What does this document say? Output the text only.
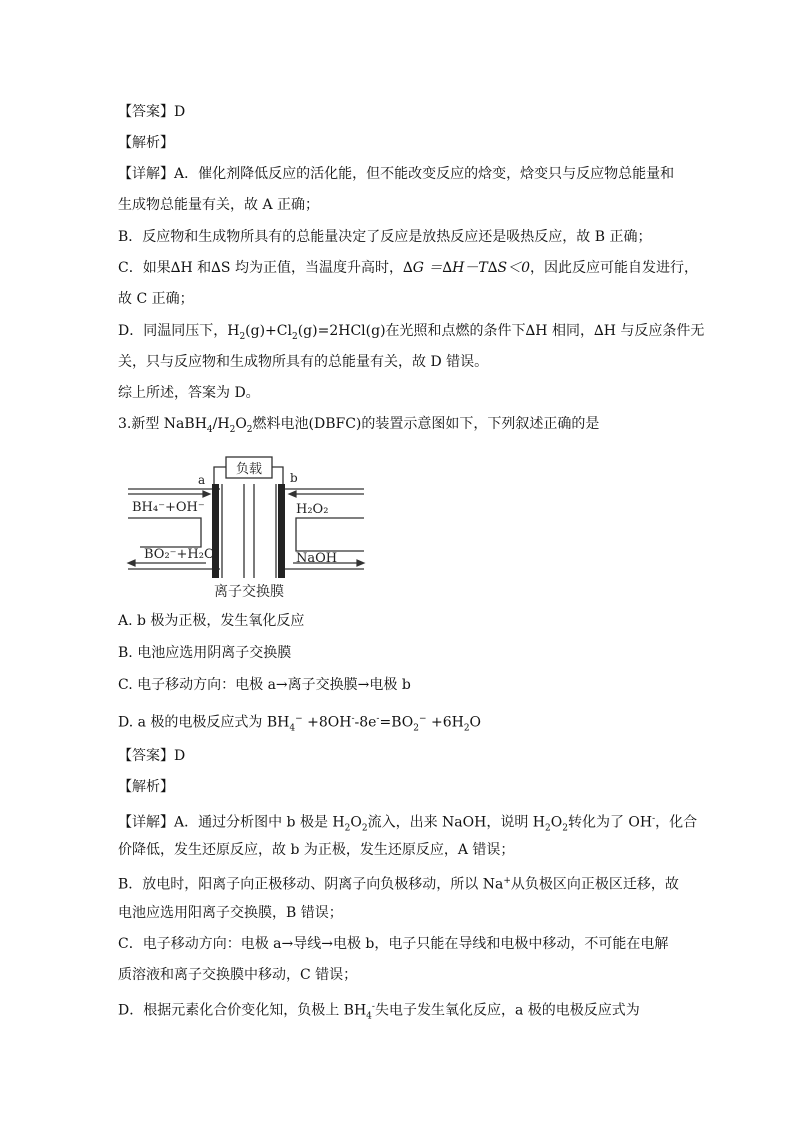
【答案】D
【解析】
【详解】A．催化剂降低反应的活化能，但不能改变反应的焓变，焓变只与反应物总能量和
生成物总能量有关，故 A 正确；
B．反应物和生成物所具有的总能量决定了反应是放热反应还是吸热反应，故 B 正确；
C．如果∆H 和∆S 均为正值，当温度升高时，∆G ＝∆H－T∆S＜0，因此反应可能自发进行，
故 C 正确；
D．同温同压下，$H_2(g)+Cl_2(g)=2HCl(g)$在光照和点燃的条件下∆H 相同，∆H 与反应条件无
关，只与反应物和生成物所具有的总能量有关，故 D 错误。
综上所述，答案为 D。
3.新型 $NaBH_4/H_2O_2$燃料电池(DBFC)的装置示意图如下，下列叙述正确的是
负载
a	b
BH₄⁻+OH⁻
BO₂⁻+H₂O
H₂O₂
NaOH
离子交换膜
A. b 极为正极，发生氧化反应
B. 电池应选用阴离子交换膜
C. 电子移动方向：电极 a→离子交换膜→电极 b
D. a 极的电极反应式为 $BH_4^- +8OH^--8e^-=BO_2^- +6H_2O$
【答案】D
【解析】
【详解】A．通过分析图中 b 极是 $H_2O_2$流入，出来 NaOH，说明 $H_2O_2$转化为了 OH-，化合
价降低，发生还原反应，故 b 为正极，发生还原反应，A 错误；
B．放电时，阳离子向正极移动、阴离子向负极移动，所以 Na+从负极区向正极区迁移，故
电池应选用阳离子交换膜，B 错误；
C．电子移动方向：电极 a→导线→电极 b，电子只能在导线和电极中移动，不可能在电解
质溶液和离子交换膜中移动，C 错误；
D．根据元素化合价变化知，负极上 $BH_4^-$失电子发生氧化反应，a 极的电极反应式为
